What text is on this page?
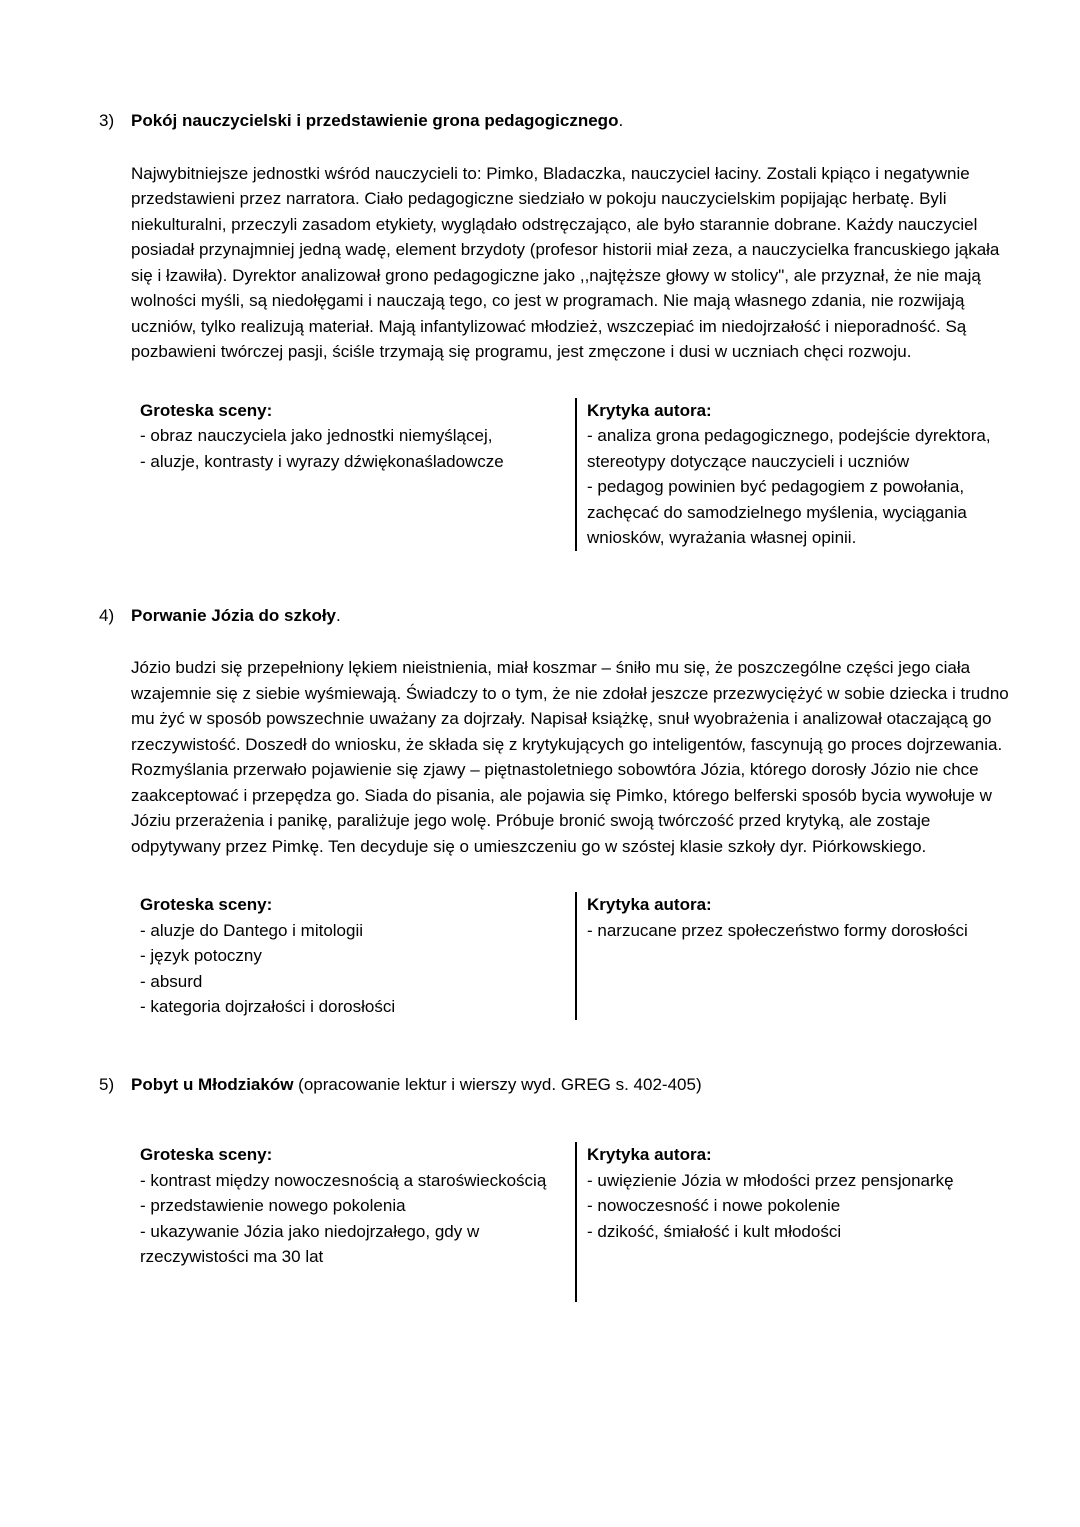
3) Pokój nauczycielski i przedstawienie grona pedagogicznego.

Najwybitniejsze jednostki wśród nauczycieli to: Pimko, Bladaczka, nauczyciel łaciny. Zostali kpiąco i negatywnie przedstawieni przez narratora. Ciało pedagogiczne siedziało w pokoju nauczycielskim popijając herbatę. Byli niekulturalni, przeczyli zasadom etykiety, wyglądało odstręczająco, ale było starannie dobrane. Każdy nauczyciel posiadał przynajmniej jedną wadę, element brzydoty (profesor historii miał zeza, a nauczycielka francuskiego jąkała się i łzawiła). Dyrektor analizował grono pedagogiczne jako ,,najtęższe głowy w stolicy", ale przyznał, że nie mają wolności myśli, są niedołęgami i nauczają tego, co jest w programach. Nie mają własnego zdania, nie rozwijają uczniów, tylko realizują materiał. Mają infantylizować młodzież, wszczepiać im niedojrzałość i nieporadność. Są pozbawieni twórczej pasji, ściśle trzymają się programu, jest zmęczone i dusi w uczniach chęci rozwoju.

Groteska sceny:
- obraz nauczyciela jako jednostki niemyślącej,
- aluzje, kontrasty i wyrazy dźwiękonaśladowcze
Krytyka autora:
- analiza grona pedagogicznego, podejście dyrektora, stereotypy dotyczące nauczycieli i uczniów
- pedagog powinien być pedagogiem z powołania, zachęcać do samodzielnego myślenia, wyciągania wniosków, wyrażania własnej opinii.
4) Porwanie Józia do szkoły.

Józio budzi się przepełniony lękiem nieistnienia, miał koszmar – śniło mu się, że poszczególne części jego ciała wzajemnie się z siebie wyśmiewają. Świadczy to o tym, że nie zdołał jeszcze przezwyciężyć w sobie dziecka i trudno mu żyć w sposób powszechnie uważany za dojrzały. Napisał książkę, snuł wyobrażenia i analizował otaczającą go rzeczywistość. Doszedł do wniosku, że składa się z krytykujących go inteligentów, fascynują go proces dojrzewania. Rozmyślania przerwało pojawienie się zjawy – piętnastoletniego sobowtóra Józia, którego dorosły Józio nie chce zaakceptować i przepędza go. Siada do pisania, ale pojawia się Pimko, którego belferski sposób bycia wywołuje w Józiu przerażenia i panikę, paraliżuje jego wolę. Próbuje bronić swoją twórczość przed krytyką, ale zostaje odpytywany przez Pimkę. Ten decyduje się o umieszczeniu go w szóstej klasie szkoły dyr. Piórkowskiego.

Groteska sceny:
- aluzje do Dantego i mitologii
- język potoczny
- absurd
- kategoria dojrzałości i dorosłości
Krytyka autora:
- narzucane przez społeczeństwo formy dorosłości
5) Pobyt u Młodziaków (opracowanie lektur i wierszy wyd. GREG s. 402-405)
Groteska sceny:
- kontrast między nowoczesnością a staroświeckością
- przedstawienie nowego pokolenia
- ukazywanie Józia jako niedojrzałego, gdy w rzeczywistości ma 30 lat
Krytyka autora:
- uwięzienie Józia w młodości przez pensjonarkę
- nowoczesność i nowe pokolenie
- dzikość, śmiałość i kult młodości
